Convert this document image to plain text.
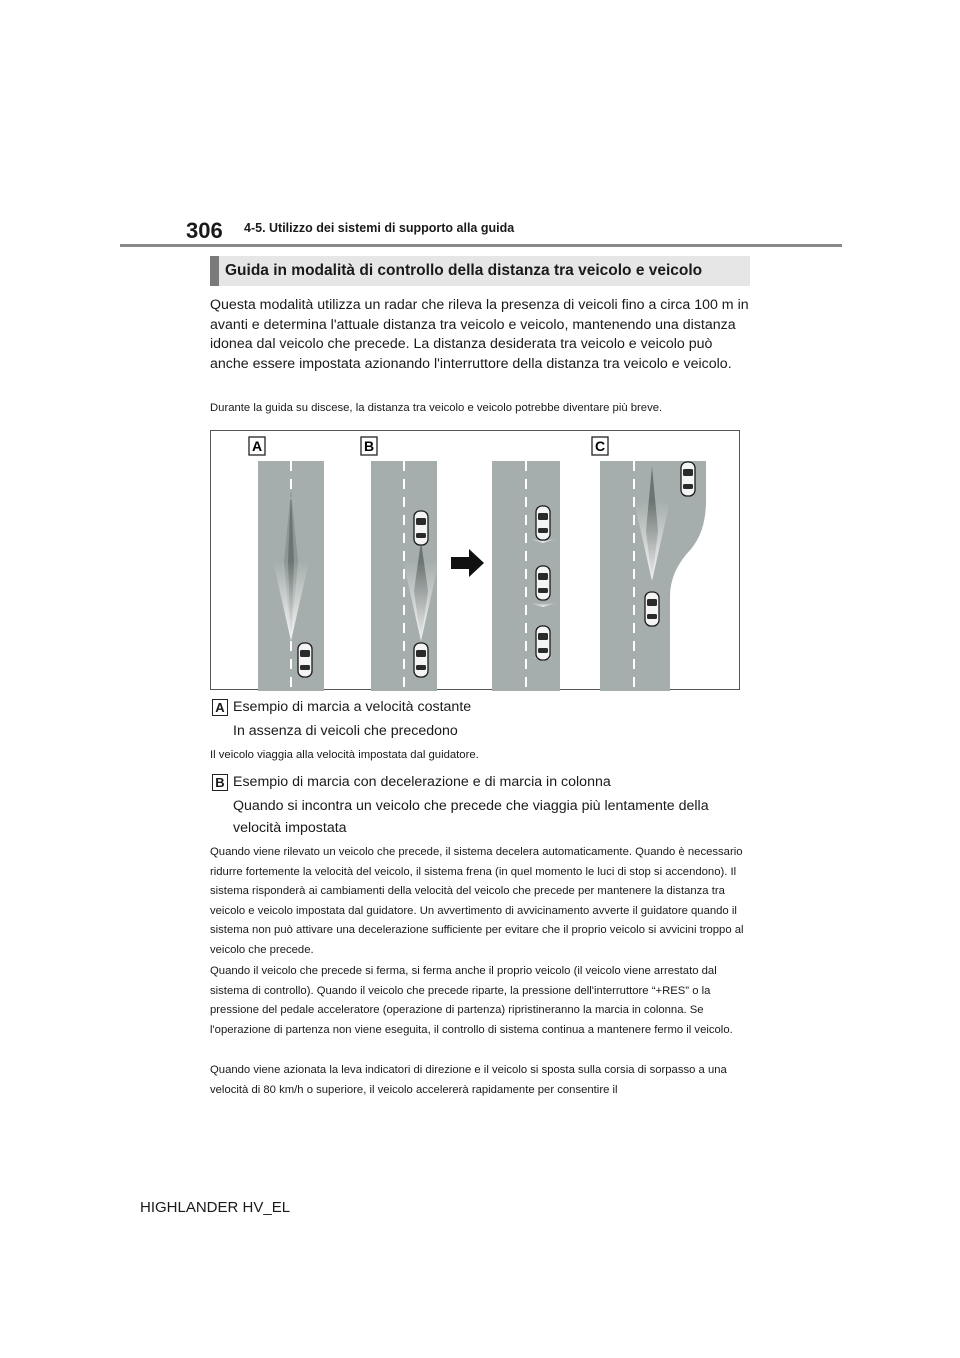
306 4-5. Utilizzo dei sistemi di supporto alla guida
Guida in modalità di controllo della distanza tra veicolo e veicolo
Questa modalità utilizza un radar che rileva la presenza di veicoli fino a circa 100 m in avanti e determina l'attuale distanza tra veicolo e veicolo, mantenendo una distanza idonea dal veicolo che precede. La distanza desiderata tra veicolo e veicolo può anche essere impostata azionando l'interruttore della distanza tra veicolo e veicolo.
Durante la guida su discese, la distanza tra veicolo e veicolo potrebbe diventare più breve.
A	B	C
A Esempio di marcia a velocità costante
In assenza di veicoli che precedono
Il veicolo viaggia alla velocità impostata dal guidatore.
B Esempio di marcia con decelerazione e di marcia in colonna
Quando si incontra un veicolo che precede che viaggia più lentamente della velocità impostata
Quando viene rilevato un veicolo che precede, il sistema decelera automaticamente. Quando è necessario ridurre fortemente la velocità del veicolo, il sistema frena (in quel momento le luci di stop si accendono). Il sistema risponderà ai cambiamenti della velocità del veicolo che precede per mantenere la distanza tra veicolo e veicolo impostata dal guidatore. Un avvertimento di avvicinamento avverte il guidatore quando il sistema non può attivare una decelerazione sufficiente per evitare che il proprio veicolo si avvicini troppo al veicolo che precede.
Quando il veicolo che precede si ferma, si ferma anche il proprio veicolo (il veicolo viene arrestato dal sistema di controllo). Quando il veicolo che precede riparte, la pressione dell'interruttore “+RES” o la pressione del pedale acceleratore (operazione di partenza) ripristineranno la marcia in colonna. Se l'operazione di partenza non viene eseguita, il controllo di sistema continua a mantenere fermo il veicolo.
Quando viene azionata la leva indicatori di direzione e il veicolo si sposta sulla corsia di sorpasso a una velocità di 80 km/h o superiore, il veicolo accelererà rapidamente per consentire il
HIGHLANDER HV_EL
